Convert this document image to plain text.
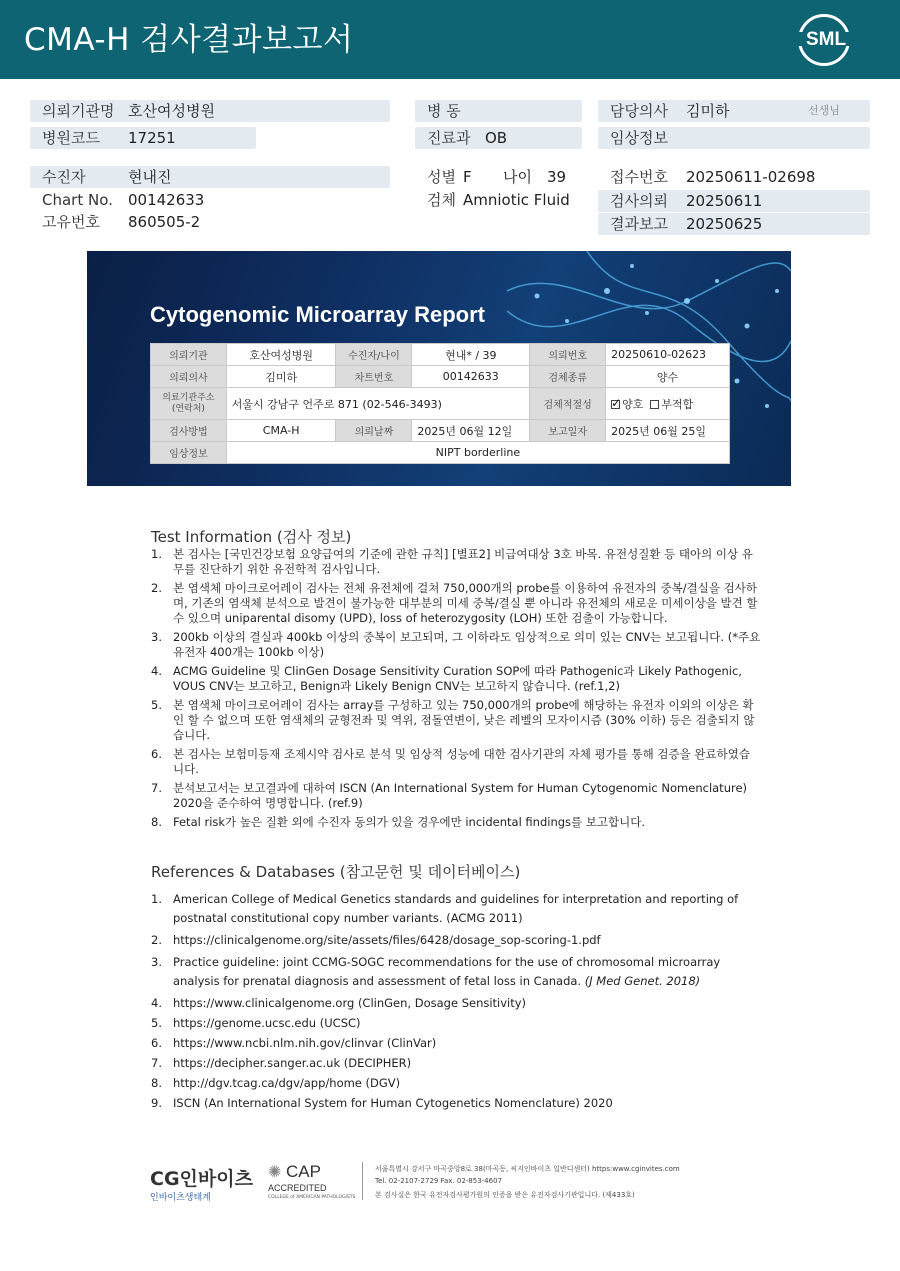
CMA-H 검사결과보고서	SML
의뢰기관명 호산여성병원	병 동	담당의사 김미하	선생님
병원코드 17251	진료과 OB	임상정보
수진자	현내진
Chart No. 00142633
고유번호 860505-2
성별 F 나이 39
검체 Amniotic Fluid
접수번호 20250611-02698
검사의뢰 20250611
결과보고 20250625
Cytogenomic Microarray Report
의뢰기관	호산여성병원	수진자/나이	현내* / 39	의뢰번호	20250610-02623
의뢰의사	김미하	차트번호	00142633	검체종류	양수
의료기관주소 (연락처)	서울시 강남구 언주로 871 (02-546-3493)			검체적절성	✓양호 부적합
검사방법	CMA-H	의뢰날짜	2025년 06월 12일	보고일자	2025년 06월 25일
임상정보	NIPT borderline				
Test Information (검사 정보)
1. 본 검사는 [국민건강보험 요양급여의 기준에 관한 규칙] [별표2] 비급여대상 3호 바목. 유전성질환 등 태아의 이상 유무를 진단하기 위한 유전학적 검사입니다.
2. 본 염색체 마이크로어레이 검사는 전체 유전체에 걸쳐 750,000개의 probe를 이용하여 유전자의 중복/결실을 검사하며, 기존의 염색체 분석으로 발견이 불가능한 대부분의 미세 중복/결실 뿐 아니라 유전체의 새로운 미세이상을 발견 할 수 있으며 uniparental disomy (UPD), loss of heterozygosity (LOH) 또한 검출이 가능합니다.
3. 200kb 이상의 결실과 400kb 이상의 중복이 보고되며, 그 이하라도 임상적으로 의미 있는 CNV는 보고됩니다. (*주요 유전자 400개는 100kb 이상)
4. ACMG Guideline 및 ClinGen Dosage Sensitivity Curation SOP에 따라 Pathogenic과 Likely Pathogenic, VOUS CNV는 보고하고, Benign과 Likely Benign CNV는 보고하지 않습니다. (ref.1,2)
5. 본 염색체 마이크로어레이 검사는 array를 구성하고 있는 750,000개의 probe에 해당하는 유전자 이외의 이상은 확인 할 수 없으며 또한 염색체의 균형전좌 및 역위, 점돌연변이, 낮은 레벨의 모자이시즘 (30% 이하) 등은 검출되지 않습니다.
6. 본 검사는 보험미등재 조제시약 검사로 분석 및 임상적 성능에 대한 검사기관의 자체 평가를 통해 검증을 완료하였습니다.
7. 분석보고서는 보고결과에 대하여 ISCN (An International System for Human Cytogenomic Nomenclature) 2020을 준수하여 명명합니다. (ref.9)
8. Fetal risk가 높은 질환 외에 수진자 동의가 있을 경우에만 incidental findings를 보고합니다.
References & Databases (참고문헌 및 데이터베이스)
1. American College of Medical Genetics standards and guidelines for interpretation and reporting of postnatal constitutional copy number variants. (ACMG 2011)
2. https://clinicalgenome.org/site/assets/files/6428/dosage_sop-scoring-1.pdf
3. Practice guideline: joint CCMG-SOGC recommendations for the use of chromosomal microarray analysis for prenatal diagnosis and assessment of fetal loss in Canada. (J Med Genet. 2018)
4. https://www.clinicalgenome.org (ClinGen, Dosage Sensitivity)
5. https://genome.ucsc.edu (UCSC)
6. https://www.ncbi.nlm.nih.gov/clinvar (ClinVar)
7. https://decipher.sanger.ac.uk (DECIPHER)
8. http://dgv.tcag.ca/dgv/app/home (DGV)
9. ISCN (An International System for Human Cytogenetics Nomenclature) 2020
CG인바이츠
인바이츠생태계
✺ CAP
ACCREDITED
COLLEGE of AMERICAN PATHOLOGISTS
서울특별시 강서구 마곡중앙8로 38(마곡동, 씨지인바이츠 일반디센터) https:www.cginvites.com
Tel. 02-2107-2729 Fax. 02-853-4607
본 검사실은 한국 유전자검사평가원의 인증을 받은 유전자검사기관입니다. (제433호)
